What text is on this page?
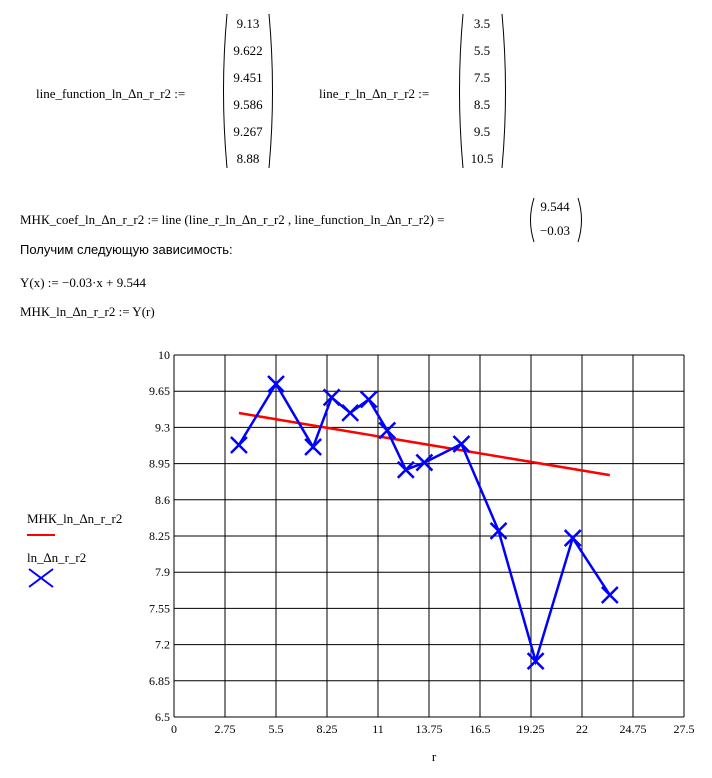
line_function_ln_∆n_r_r2 :=
9.13
9.622
9.451
9.586
9.267
8.88
line_r_ln_∆n_r_r2 :=
3.5
5.5
7.5
8.5
9.5
10.5
МНК_coef_ln_∆n_r_r2 := line (line_r_ln_∆n_r_r2 , line_function_ln_∆n_r_r2) =
9.544
−0.03
Получим следующую зависимость:
Y(x) := −0.03·x + 9.544
МНК_ln_∆n_r_r2 := Y(r)
МНК_ln_∆n_r_r2
ln_∆n_r_r2
0	2.75	5.5	8.25	11	13.75 16.5 19.25	22	24.75 27.5
10
9.65
9.3
8.95
8.6
8.25
7.9
7.55
7.2
6.85
6.5
r
